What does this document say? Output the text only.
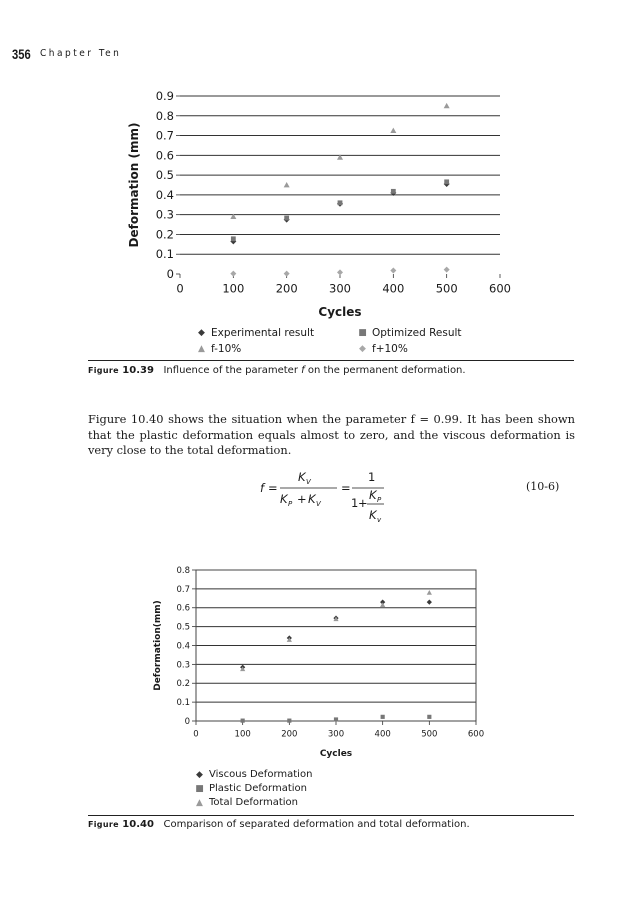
356 Chapter Ten
0
0.1
0.2
0.3
0.4
0.5
0.6
0.7
0.8
0.9
0	100	200	300	400	500	600
Cycles
Deformation (mm)
◆ Experimental result	■ Optimized Result
▲ f-10%	◆ f+10%
Figure 10.39 Influence of the parameter f on the permanent deformation.
Figure 10.40 shows the situation when the parameter f = 0.99. It has been shown that the plastic deformation equals almost to zero, and the viscous deformation is very close to the total deformation.
f =
K V
K P + K V
=
1
1 +
K P
K v
(10-6)
0
0.1
0.2
0.3
0.4
0.5
0.6
0.7
0.8
0	100	200	300	400	500	600
Cycles
Deformation(mm)
◆ Viscous Deformation
■ Plastic Deformation
▲ Total Deformation
Figure 10.40 Comparison of separated deformation and total deformation.
